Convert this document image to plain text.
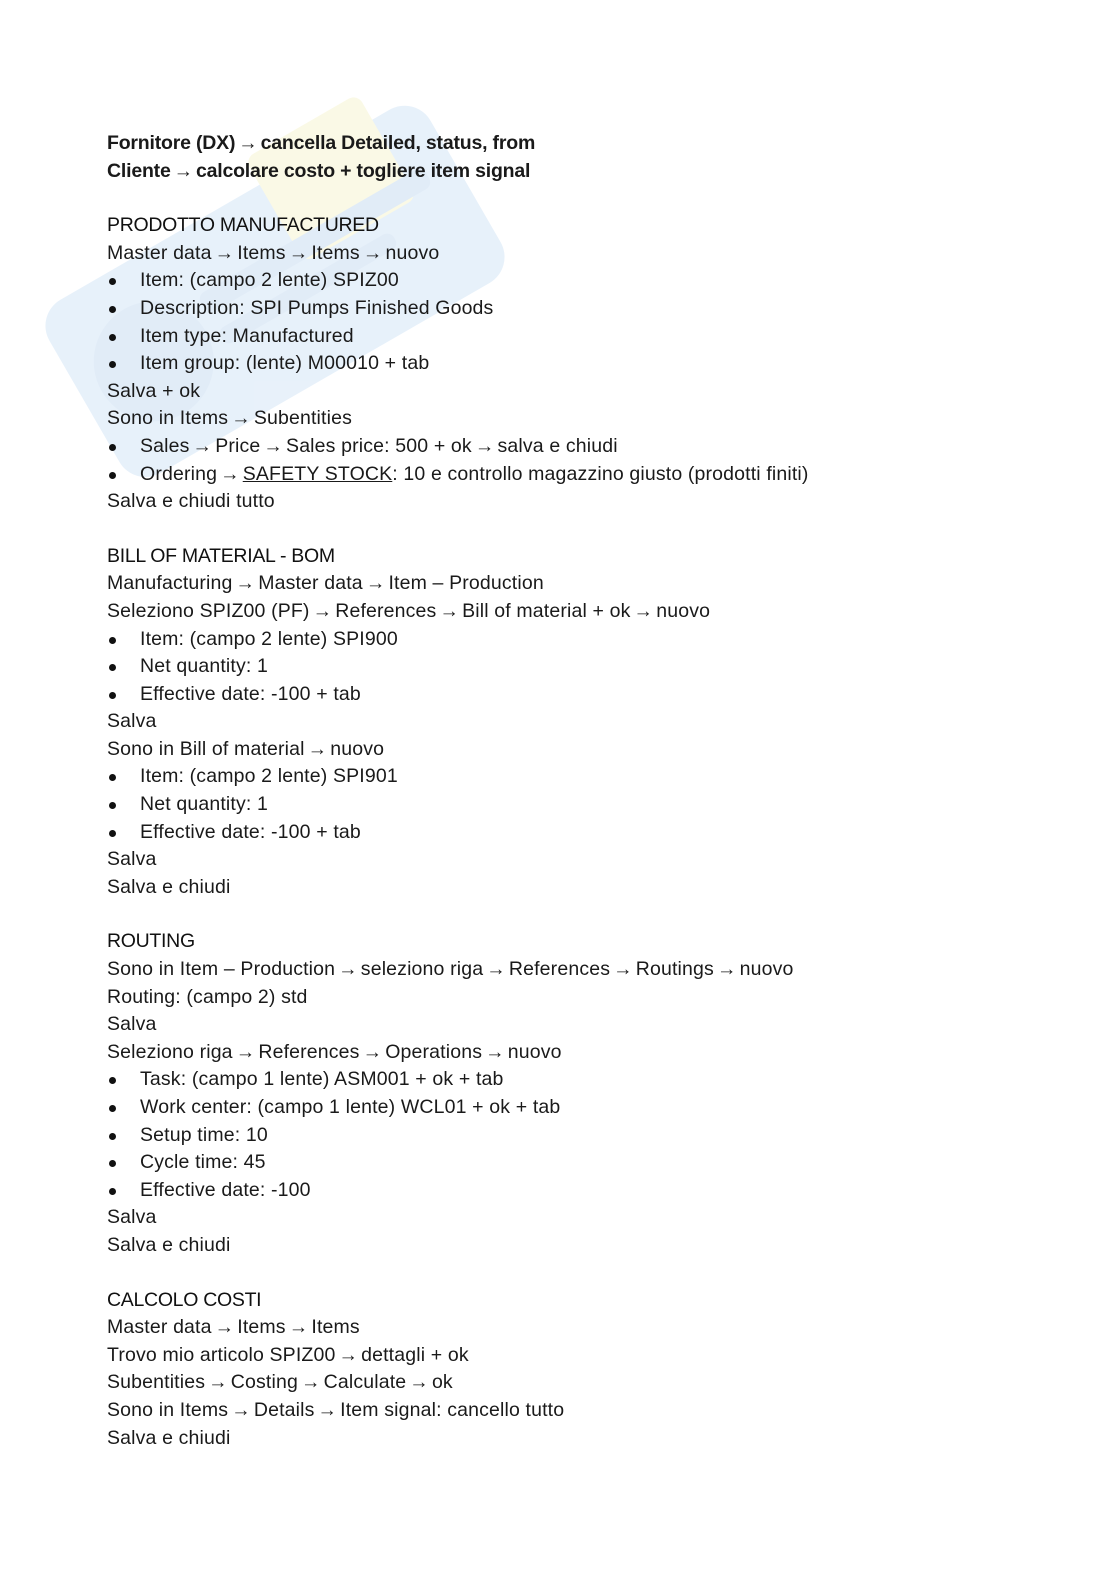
Fornitore (DX) → cancella Detailed, status, from
Cliente → calcolare costo + togliere item signal
PRODOTTO MANUFACTURED
Master data → Items → Items → nuovo
Item: (campo 2 lente) SPIZ00
Description: SPI Pumps Finished Goods
Item type: Manufactured
Item group: (lente) M00010 + tab
Salva + ok
Sono in Items → Subentities
Sales → Price → Sales price: 500 + ok → salva e chiudi
Ordering → SAFETY STOCK: 10 e controllo magazzino giusto (prodotti finiti)
Salva e chiudi tutto
BILL OF MATERIAL - BOM
Manufacturing → Master data → Item – Production
Seleziono SPIZ00 (PF) → References → Bill of material + ok → nuovo
Item: (campo 2 lente) SPI900
Net quantity: 1
Effective date: -100 + tab
Salva
Sono in Bill of material → nuovo
Item: (campo 2 lente) SPI901
Net quantity: 1
Effective date: -100 + tab
Salva
Salva e chiudi
ROUTING
Sono in Item – Production → seleziono riga → References → Routings → nuovo
Routing: (campo 2) std
Salva
Seleziono riga → References → Operations → nuovo
Task: (campo 1 lente) ASM001 + ok + tab
Work center: (campo 1 lente) WCL01 + ok + tab
Setup time: 10
Cycle time: 45
Effective date: -100
Salva
Salva e chiudi
CALCOLO COSTI
Master data → Items → Items
Trovo mio articolo SPIZ00 → dettagli + ok
Subentities → Costing → Calculate → ok
Sono in Items → Details → Item signal: cancello tutto
Salva e chiudi
